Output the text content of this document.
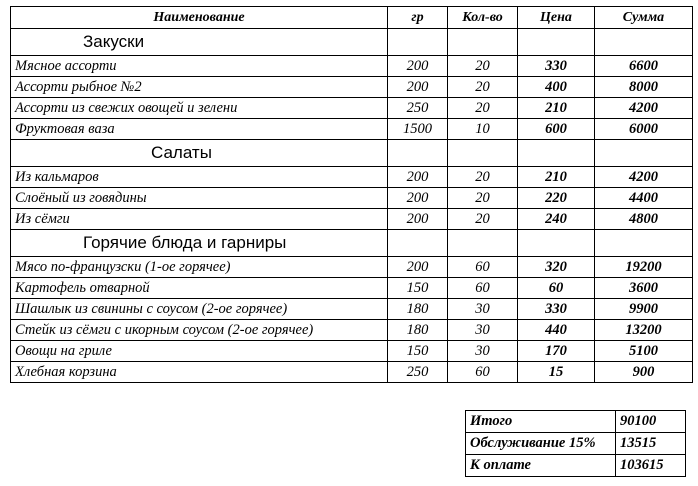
Наименование	гр	Кол-во	Цена	Сумма
Закуски				
Мясное ассорти	200	20	330	6600
Ассорти рыбное №2	200	20	400	8000
Ассорти из свежих овощей и зелени	250	20	210	4200
Фруктовая ваза	1500	10	600	6000
Салаты				
Из кальмаров	200	20	210	4200
Слоёный из говядины	200	20	220	4400
Из сёмги	200	20	240	4800
Горячие блюда и гарниры				
Мясо по-французски (1-ое горячее)	200	60	320	19200
Картофель отварной	150	60	60	3600
Шашлык из свинины с соусом (2-ое горячее)	180	30	330	9900
Стейк из сёмги с икорным соусом (2-ое горячее)	180	30	440	13200
Овощи на гриле	150	30	170	5100
Хлебная корзина	250	60	15	900
Итого	90100
Обслуживание 15%	13515
К оплате	103615
